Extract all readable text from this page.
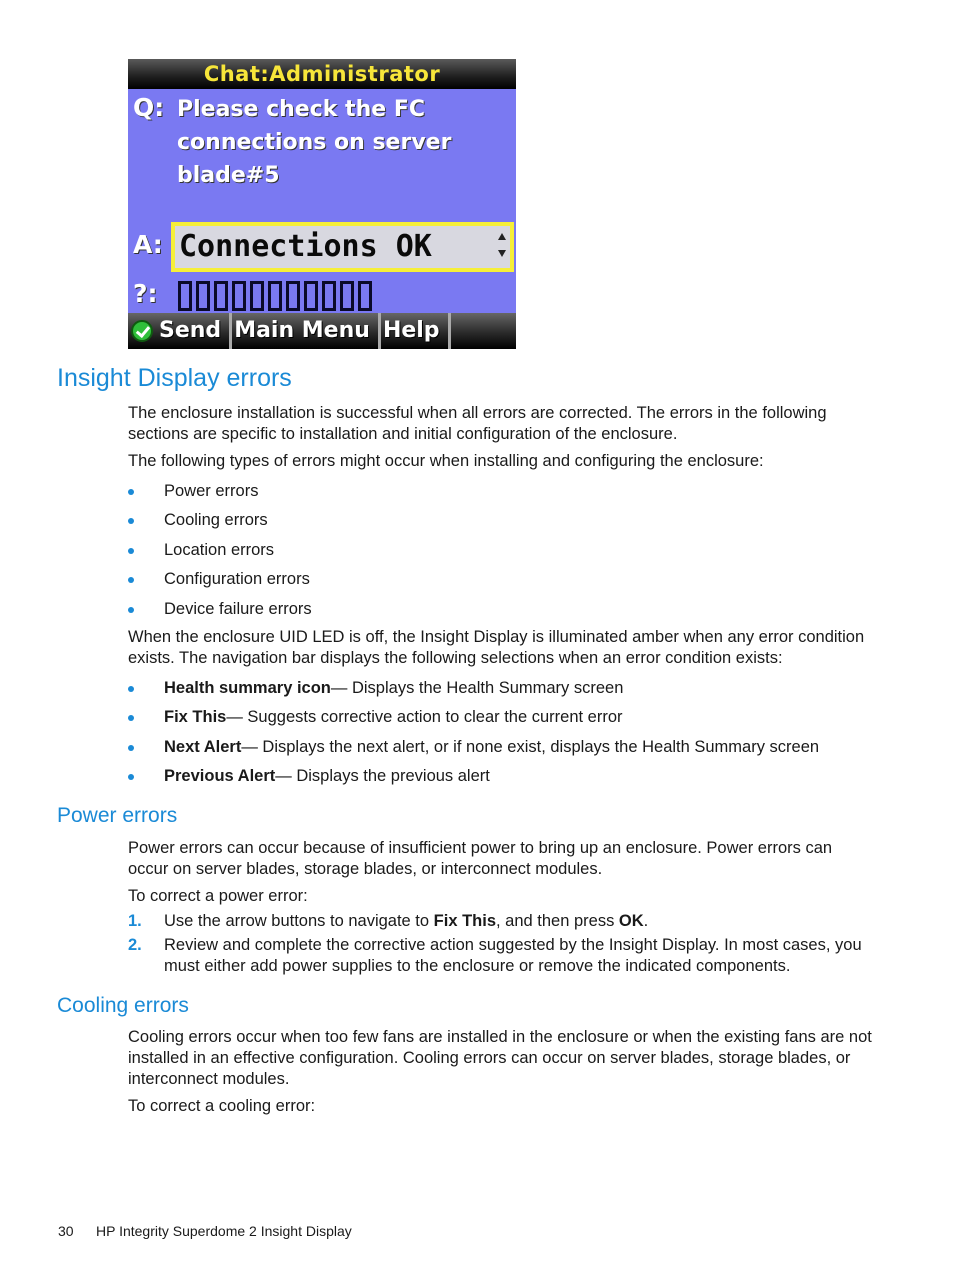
Chat:Administrator
Q: Please check the FC
connections on server
blade#5
A: Connections OK
?:
Send Main Menu Help
Insight Display errors

The enclosure installation is successful when all errors are corrected. The errors in the following sections are specific to installation and initial configuration of the enclosure.

The following types of errors might occur when installing and configuring the enclosure:

Power errors
Cooling errors
Location errors
Configuration errors
Device failure errors

When the enclosure UID LED is off, the Insight Display is illuminated amber when any error condition exists. The navigation bar displays the following selections when an error condition exists:

Health summary icon— Displays the Health Summary screen
Fix This— Suggests corrective action to clear the current error
Next Alert— Displays the next alert, or if none exist, displays the Health Summary screen
Previous Alert— Displays the previous alert
Power errors

Power errors can occur because of insufficient power to bring up an enclosure. Power errors can occur on server blades, storage blades, or interconnect modules.

To correct a power error:

1. Use the arrow buttons to navigate to Fix This, and then press OK.
2. Review and complete the corrective action suggested by the Insight Display. In most cases, you must either add power supplies to the enclosure or remove the indicated components.
Cooling errors

Cooling errors occur when too few fans are installed in the enclosure or when the existing fans are not installed in an effective configuration. Cooling errors can occur on server blades, storage blades, or interconnect modules.

To correct a cooling error:

30 HP Integrity Superdome 2 Insight Display
